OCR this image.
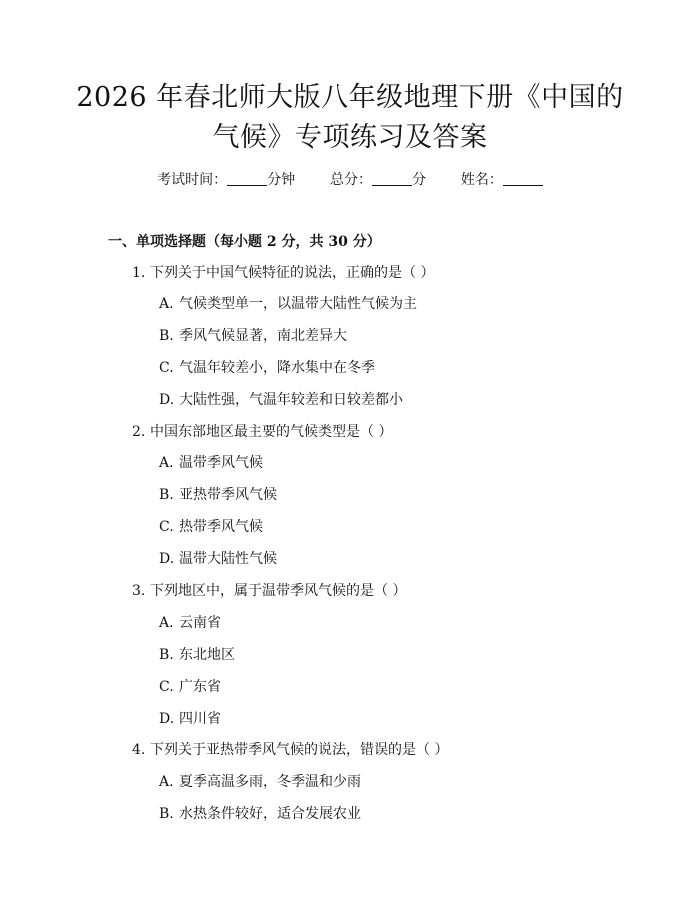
2026 年春北师大版八年级地理下册《中国的
气候》专项练习及答案
考试时间：	分钟 总分：	分 姓名：
一、单项选择题（每小题 2 分，共 30 分）
1. 下列关于中国气候特征的说法，正确的是（ ）
A. 气候类型单一，以温带大陆性气候为主
B. 季风气候显著，南北差异大
C. 气温年较差小，降水集中在冬季
D. 大陆性强，气温年较差和日较差都小
2. 中国东部地区最主要的气候类型是（ ）
A. 温带季风气候
B. 亚热带季风气候
C. 热带季风气候
D. 温带大陆性气候
3. 下列地区中，属于温带季风气候的是（ ）
A. 云南省
B. 东北地区
C. 广东省
D. 四川省
4. 下列关于亚热带季风气候的说法，错误的是（ ）
A. 夏季高温多雨，冬季温和少雨
B. 水热条件较好，适合发展农业
